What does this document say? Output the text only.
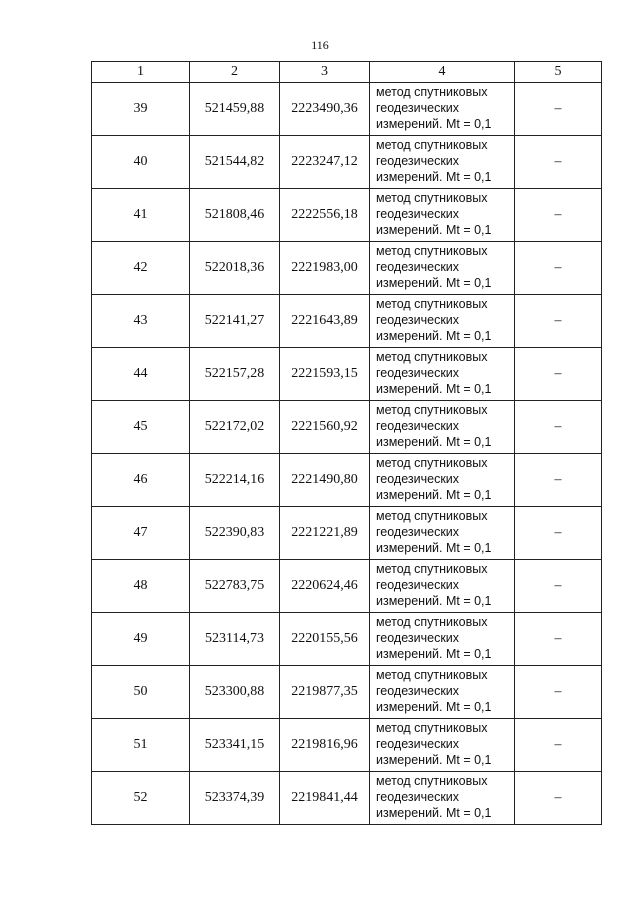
116
1	2	3	4	5
39	521459,88	2223490,36	метод спутниковых
геодезических
измерений. Mt = 0,1	–
40	521544,82	2223247,12	метод спутниковых
геодезических
измерений. Mt = 0,1	–
41	521808,46	2222556,18	метод спутниковых
геодезических
измерений. Mt = 0,1	–
42	522018,36	2221983,00	метод спутниковых
геодезических
измерений. Mt = 0,1	–
43	522141,27	2221643,89	метод спутниковых
геодезических
измерений. Mt = 0,1	–
44	522157,28	2221593,15	метод спутниковых
геодезических
измерений. Mt = 0,1	–
45	522172,02	2221560,92	метод спутниковых
геодезических
измерений. Mt = 0,1	–
46	522214,16	2221490,80	метод спутниковых
геодезических
измерений. Mt = 0,1	–
47	522390,83	2221221,89	метод спутниковых
геодезических
измерений. Mt = 0,1	–
48	522783,75	2220624,46	метод спутниковых
геодезических
измерений. Mt = 0,1	–
49	523114,73	2220155,56	метод спутниковых
геодезических
измерений. Mt = 0,1	–
50	523300,88	2219877,35	метод спутниковых
геодезических
измерений. Mt = 0,1	–
51	523341,15	2219816,96	метод спутниковых
геодезических
измерений. Mt = 0,1	–
52	523374,39	2219841,44	метод спутниковых
геодезических
измерений. Mt = 0,1	–
